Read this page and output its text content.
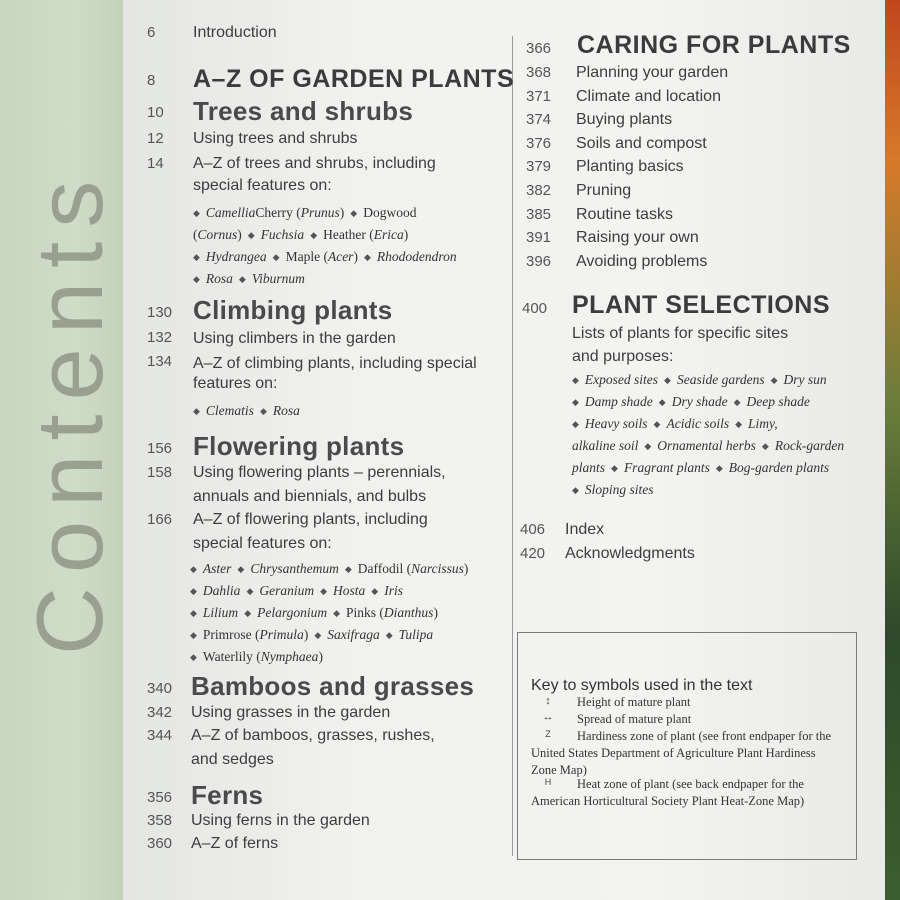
Contents
6 Introduction
8 A–Z OF GARDEN PLANTS
10 Trees and shrubs
12 Using trees and shrubs
14 A–Z of trees and shrubs, including
special features on:
◆ CamelliaCherry (Prunus) ◆ Dogwood
(Cornus) ◆ Fuchsia ◆ Heather (Erica)
◆ Hydrangea ◆ Maple (Acer) ◆ Rhododendron
◆ Rosa ◆ Viburnum
130 Climbing plants
132 Using climbers in the garden
134 A–Z of climbing plants, including special
features on:
◆ Clematis ◆ Rosa
156 Flowering plants
158 Using flowering plants – perennials,
annuals and biennials, and bulbs
166 A–Z of flowering plants, including
special features on:
◆ Aster ◆ Chrysanthemum ◆ Daffodil (Narcissus)
◆ Dahlia ◆ Geranium ◆ Hosta ◆ Iris
◆ Lilium ◆ Pelargonium ◆ Pinks (Dianthus)
◆ Primrose (Primula) ◆ Saxifraga ◆ Tulipa
◆ Waterlily (Nymphaea)
340 Bamboos and grasses
342 Using grasses in the garden
344 A–Z of bamboos, grasses, rushes,
and sedges
356 Ferns
358 Using ferns in the garden
360 A–Z of ferns
366 CARING FOR PLANTS
400 PLANT SELECTIONS
Lists of plants for specific sites
and purposes:
◆ Exposed sites ◆ Seaside gardens ◆ Dry sun
◆ Damp shade ◆ Dry shade ◆ Deep shade
◆ Heavy soils ◆ Acidic soils ◆ Limy,
alkaline soil ◆ Ornamental herbs ◆ Rock-garden
plants ◆ Fragrant plants ◆ Bog-garden plants
◆ Sloping sites
406 Index
420 Acknowledgments
Key to symbols used in the text
↕	Height of mature plant
↔	Spread of mature plant
Z	Hardiness zone of plant (see front endpaper for the
United States Department of Agriculture Plant Hardiness
Zone Map)
H	Heat zone of plant (see back endpaper for the
American Horticultural Society Plant Heat-Zone Map)
368 Planning your garden
371 Climate and location
374 Buying plants
376 Soils and compost
379 Planting basics
382 Pruning
385 Routine tasks
391 Raising your own
396 Avoiding problems
